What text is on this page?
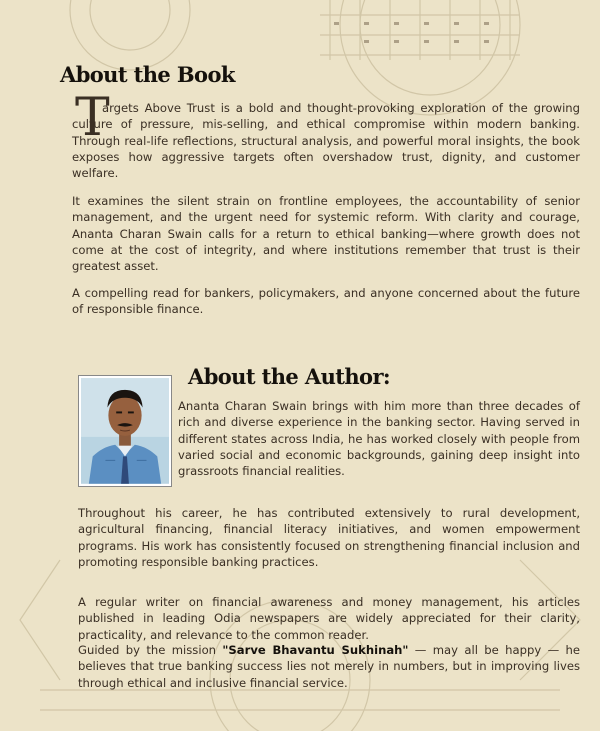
About the Book
T

argets Above Trust is a bold and thought-provoking exploration of the growing culture of pressure, mis-selling, and ethical compromise within modern banking. Through real-life reflections, structural analysis, and powerful moral insights, the book exposes how aggressive targets often overshadow trust, dignity, and customer welfare.

It examines the silent strain on frontline employees, the accountability of senior management, and the urgent need for systemic reform. With clarity and courage, Ananta Charan Swain calls for a return to ethical banking—where growth does not come at the cost of integrity, and where institutions remember that trust is their greatest asset.

A compelling read for bankers, policymakers, and anyone concerned about the future of responsible finance.

About the Author:

Ananta Charan Swain brings with him more than three decades of rich and diverse experience in the banking sector. Having served in different states across India, he has worked closely with people from varied social and economic backgrounds, gaining deep insight into grassroots financial realities.

Throughout his career, he has contributed extensively to rural development, agricultural financing, financial literacy initiatives, and women empowerment programs. His work has consistently focused on strengthening financial inclusion and promoting responsible banking practices.

A regular writer on financial awareness and money management, his articles published in leading Odia newspapers are widely appreciated for their clarity, practicality, and relevance to the common reader.

Guided by the mission "Sarve Bhavantu Sukhinah" — may all be happy — he believes that true banking success lies not merely in numbers, but in improving lives through ethical and inclusive financial service.
